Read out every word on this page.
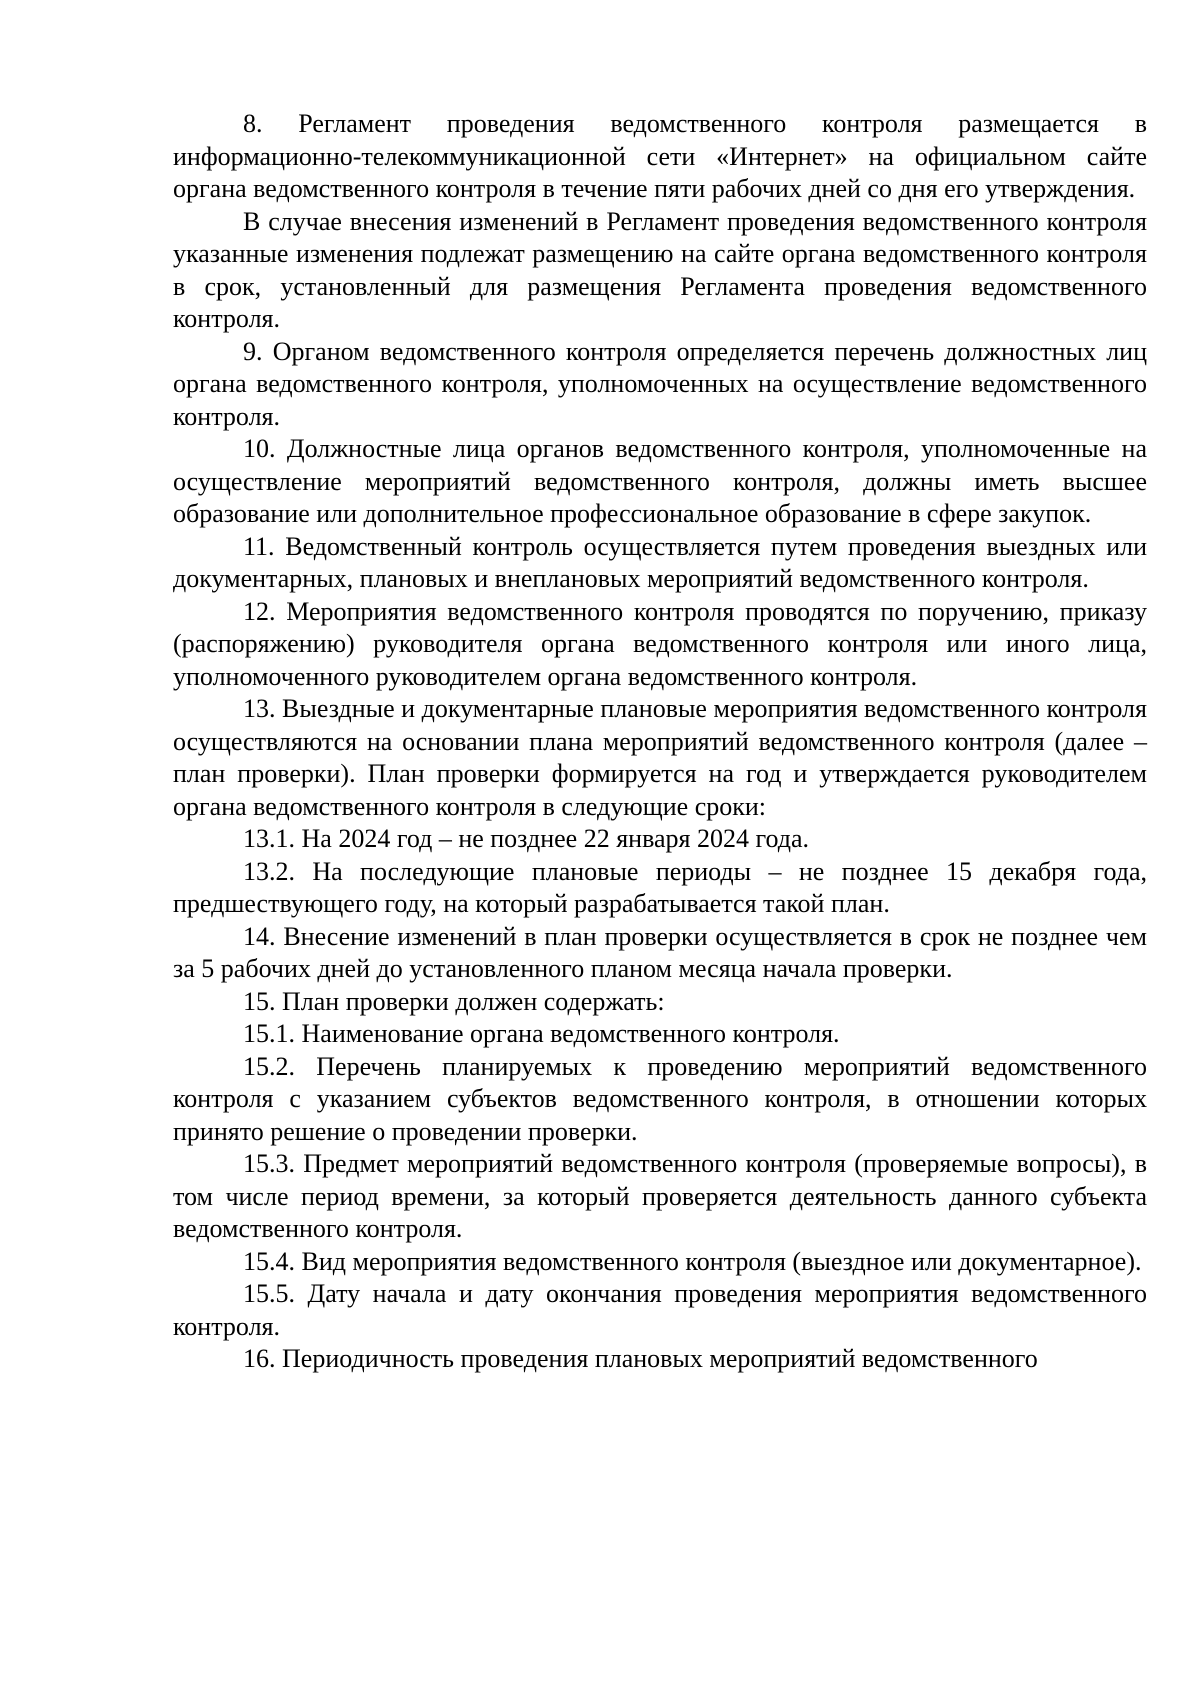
8. Регламент проведения ведомственного контроля размещается в информационно-телекоммуникационной сети «Интернет» на официальном сайте органа ведомственного контроля в течение пяти рабочих дней со дня его утверждения.

В случае внесения изменений в Регламент проведения ведомственного контроля указанные изменения подлежат размещению на сайте органа ведомственного контроля в срок, установленный для размещения Регламента проведения ведомственного контроля.

9. Органом ведомственного контроля определяется перечень должностных лиц органа ведомственного контроля, уполномоченных на осуществление ведомственного контроля.

10. Должностные лица органов ведомственного контроля, уполномоченные на осуществление мероприятий ведомственного контроля, должны иметь высшее образование или дополнительное профессиональное образование в сфере закупок.

11. Ведомственный контроль осуществляется путем проведения выездных или документарных, плановых и внеплановых мероприятий ведомственного контроля.

12. Мероприятия ведомственного контроля проводятся по поручению, приказу (распоряжению) руководителя органа ведомственного контроля или иного лица, уполномоченного руководителем органа ведомственного контроля.

13. Выездные и документарные плановые мероприятия ведомственного контроля осуществляются на основании плана мероприятий ведомственного контроля (далее – план проверки). План проверки формируется на год и утверждается руководителем органа ведомственного контроля в следующие сроки:

13.1. На 2024 год – не позднее 22 января 2024 года.

13.2. На последующие плановые периоды – не позднее 15 декабря года, предшествующего году, на который разрабатывается такой план.

14. Внесение изменений в план проверки осуществляется в срок не позднее чем за 5 рабочих дней до установленного планом месяца начала проверки.

15. План проверки должен содержать:

15.1. Наименование органа ведомственного контроля.

15.2. Перечень планируемых к проведению мероприятий ведомственного контроля с указанием субъектов ведомственного контроля, в отношении которых принято решение о проведении проверки.

15.3. Предмет мероприятий ведомственного контроля (проверяемые вопросы), в том числе период времени, за который проверяется деятельность данного субъекта ведомственного контроля.

15.4. Вид мероприятия ведомственного контроля (выездное или документарное).

15.5. Дату начала и дату окончания проведения мероприятия ведомственного контроля.

16. Периодичность проведения плановых мероприятий ведомственного
